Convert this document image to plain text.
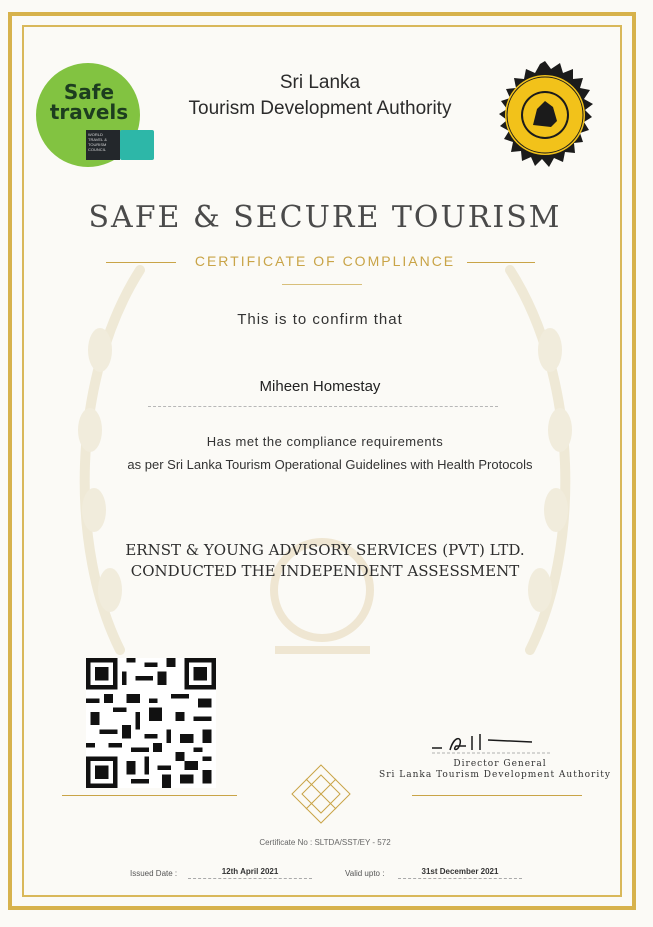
Safe
travels
WORLD TRAVEL & TOURISM COUNCIL
Sri Lanka
Tourism Development Authority
SAFE & SECURE TOURISM
CERTIFICATE OF COMPLIANCE
This is to confirm that
Miheen Homestay
Has met the compliance requirements
as per Sri Lanka Tourism Operational Guidelines with Health Protocols
ERNST & YOUNG ADVISORY SERVICES (PVT) LTD.
CONDUCTED THE INDEPENDENT ASSESSMENT
Director General
Sri Lanka Tourism Development Authority
Certificate No : SLTDA/SST/EY - 572
Issued Date :	12th April 2021	Valid upto :	31st December 2021
